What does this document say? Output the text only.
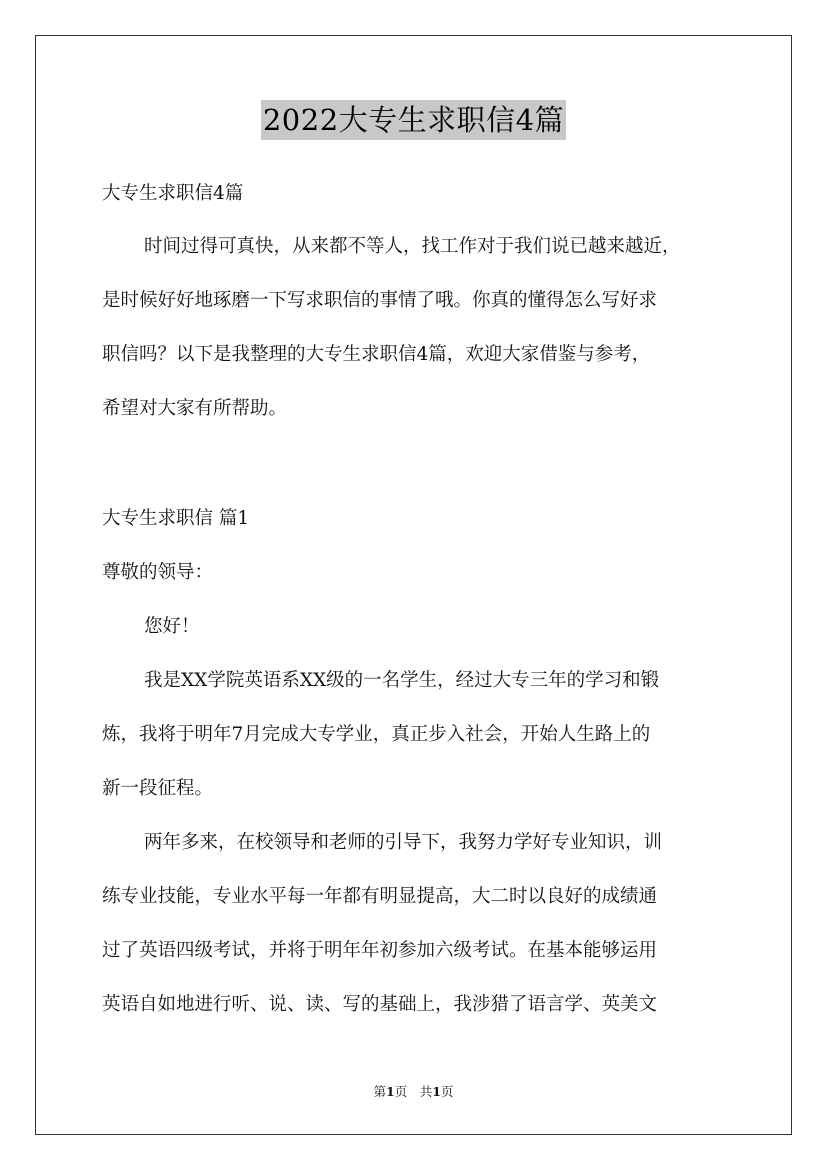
2022大专生求职信4篇
大专生求职信4篇
时间过得可真快，从来都不等人，找工作对于我们说已越来越近，
是时候好好地琢磨一下写求职信的事情了哦。你真的懂得怎么写好求
职信吗？以下是我整理的大专生求职信4篇，欢迎大家借鉴与参考，
希望对大家有所帮助。
大专生求职信 篇1
尊敬的领导：
您好！
我是XX学院英语系XX级的一名学生，经过大专三年的学习和锻
炼，我将于明年7月完成大专学业，真正步入社会，开始人生路上的
新一段征程。
两年多来，在校领导和老师的引导下，我努力学好专业知识，训
练专业技能，专业水平每一年都有明显提高，大二时以良好的成绩通
过了英语四级考试，并将于明年年初参加六级考试。在基本能够运用
英语自如地进行听、说、读、写的基础上，我涉猎了语言学、英美文
第1页　共1页
